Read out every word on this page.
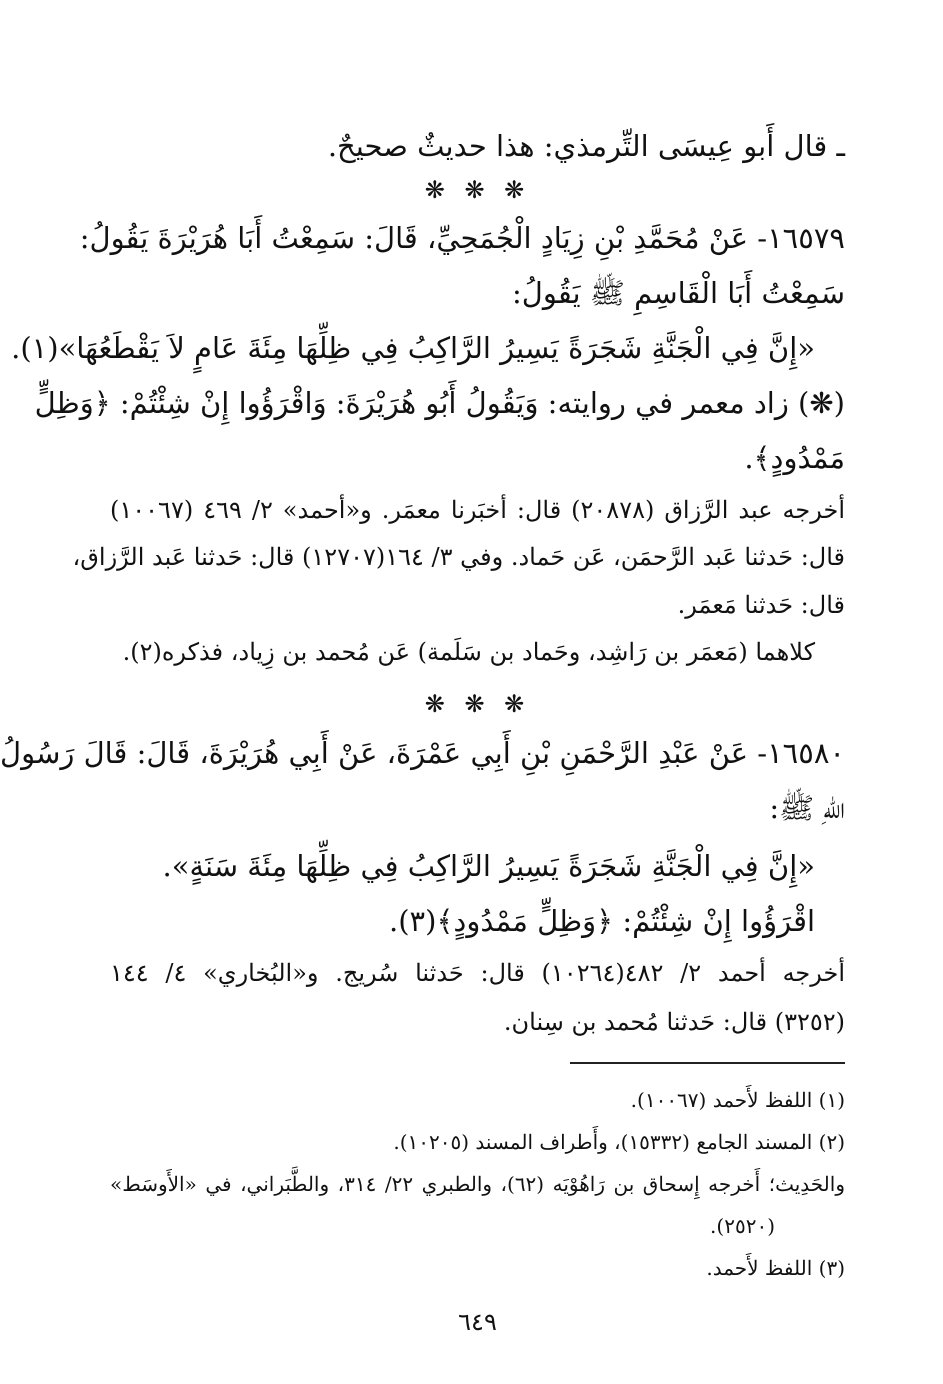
ـ قال أَبو عِيسَى التِّرمذي: هذا حديثٌ صحيحٌ.
❋ ❋ ❋
١٦٥٧٩- عَنْ مُحَمَّدِ بْنِ زِيَادٍ الْجُمَحِيِّ، قَالَ: سَمِعْتُ أَبَا هُرَيْرَةَ يَقُولُ:
سَمِعْتُ أَبَا الْقَاسِمِ ﷺ يَقُولُ:
«إِنَّ فِي الْجَنَّةِ شَجَرَةً يَسِيرُ الرَّاكِبُ فِي ظِلِّهَا مِئَةَ عَامٍ لاَ يَقْطَعُهَا»(١).
(❋) زاد معمر في روايته: وَيَقُولُ أَبُو هُرَيْرَةَ: وَاقْرَؤُوا إِنْ شِئْتُمْ: ﴿وَظِلٍّ
مَمْدُودٍ﴾.
أخرجه عبد الرَّزاق (٢٠٨٧٨) قال: أخبَرنا معمَر. و«أحمد» ٢/ ٤٦٩ (١٠٠٦٧)
قال: حَدثنا عَبد الرَّحمَن، عَن حَماد. وفي ٣/ ١٦٤(١٢٧٠٧) قال: حَدثنا عَبد الرَّزاق،
قال: حَدثنا مَعمَر.
كلاهما (مَعمَر بن رَاشِد، وحَماد بن سَلَمة) عَن مُحمد بن زِياد، فذكره(٢).
❋ ❋ ❋
١٦٥٨٠- عَنْ عَبْدِ الرَّحْمَنِ بْنِ أَبِي عَمْرَةَ، عَنْ أَبِي هُرَيْرَةَ، قَالَ: قَالَ رَسُولُ
اللهِ ﷺ:
«إِنَّ فِي الْجَنَّةِ شَجَرَةً يَسِيرُ الرَّاكِبُ فِي ظِلِّهَا مِئَةَ سَنَةٍ».
اقْرَؤُوا إِنْ شِئْتُمْ: ﴿وَظِلٍّ مَمْدُودٍ﴾(٣).
أخرجه أحمد ٢/ ٤٨٢(١٠٢٦٤) قال: حَدثنا سُريج. و«البُخاري» ٤/ ١٤٤
(٣٢٥٢) قال: حَدثنا مُحمد بن سِنان.
(١) اللفظ لأَحمد (١٠٠٦٧).
(٢) المسند الجامع (١٥٣٣٢)، وأَطراف المسند (١٠٢٠٥).
والحَدِيث؛ أَخرجه إِسحاق بن رَاهُوْيَه (٦٢)، والطبري ٢٢/ ٣١٤، والطَّبَراني، في «الأَوسَط»
(٢٥٢٠).
(٣) اللفظ لأَحمد.
٦٤٩
